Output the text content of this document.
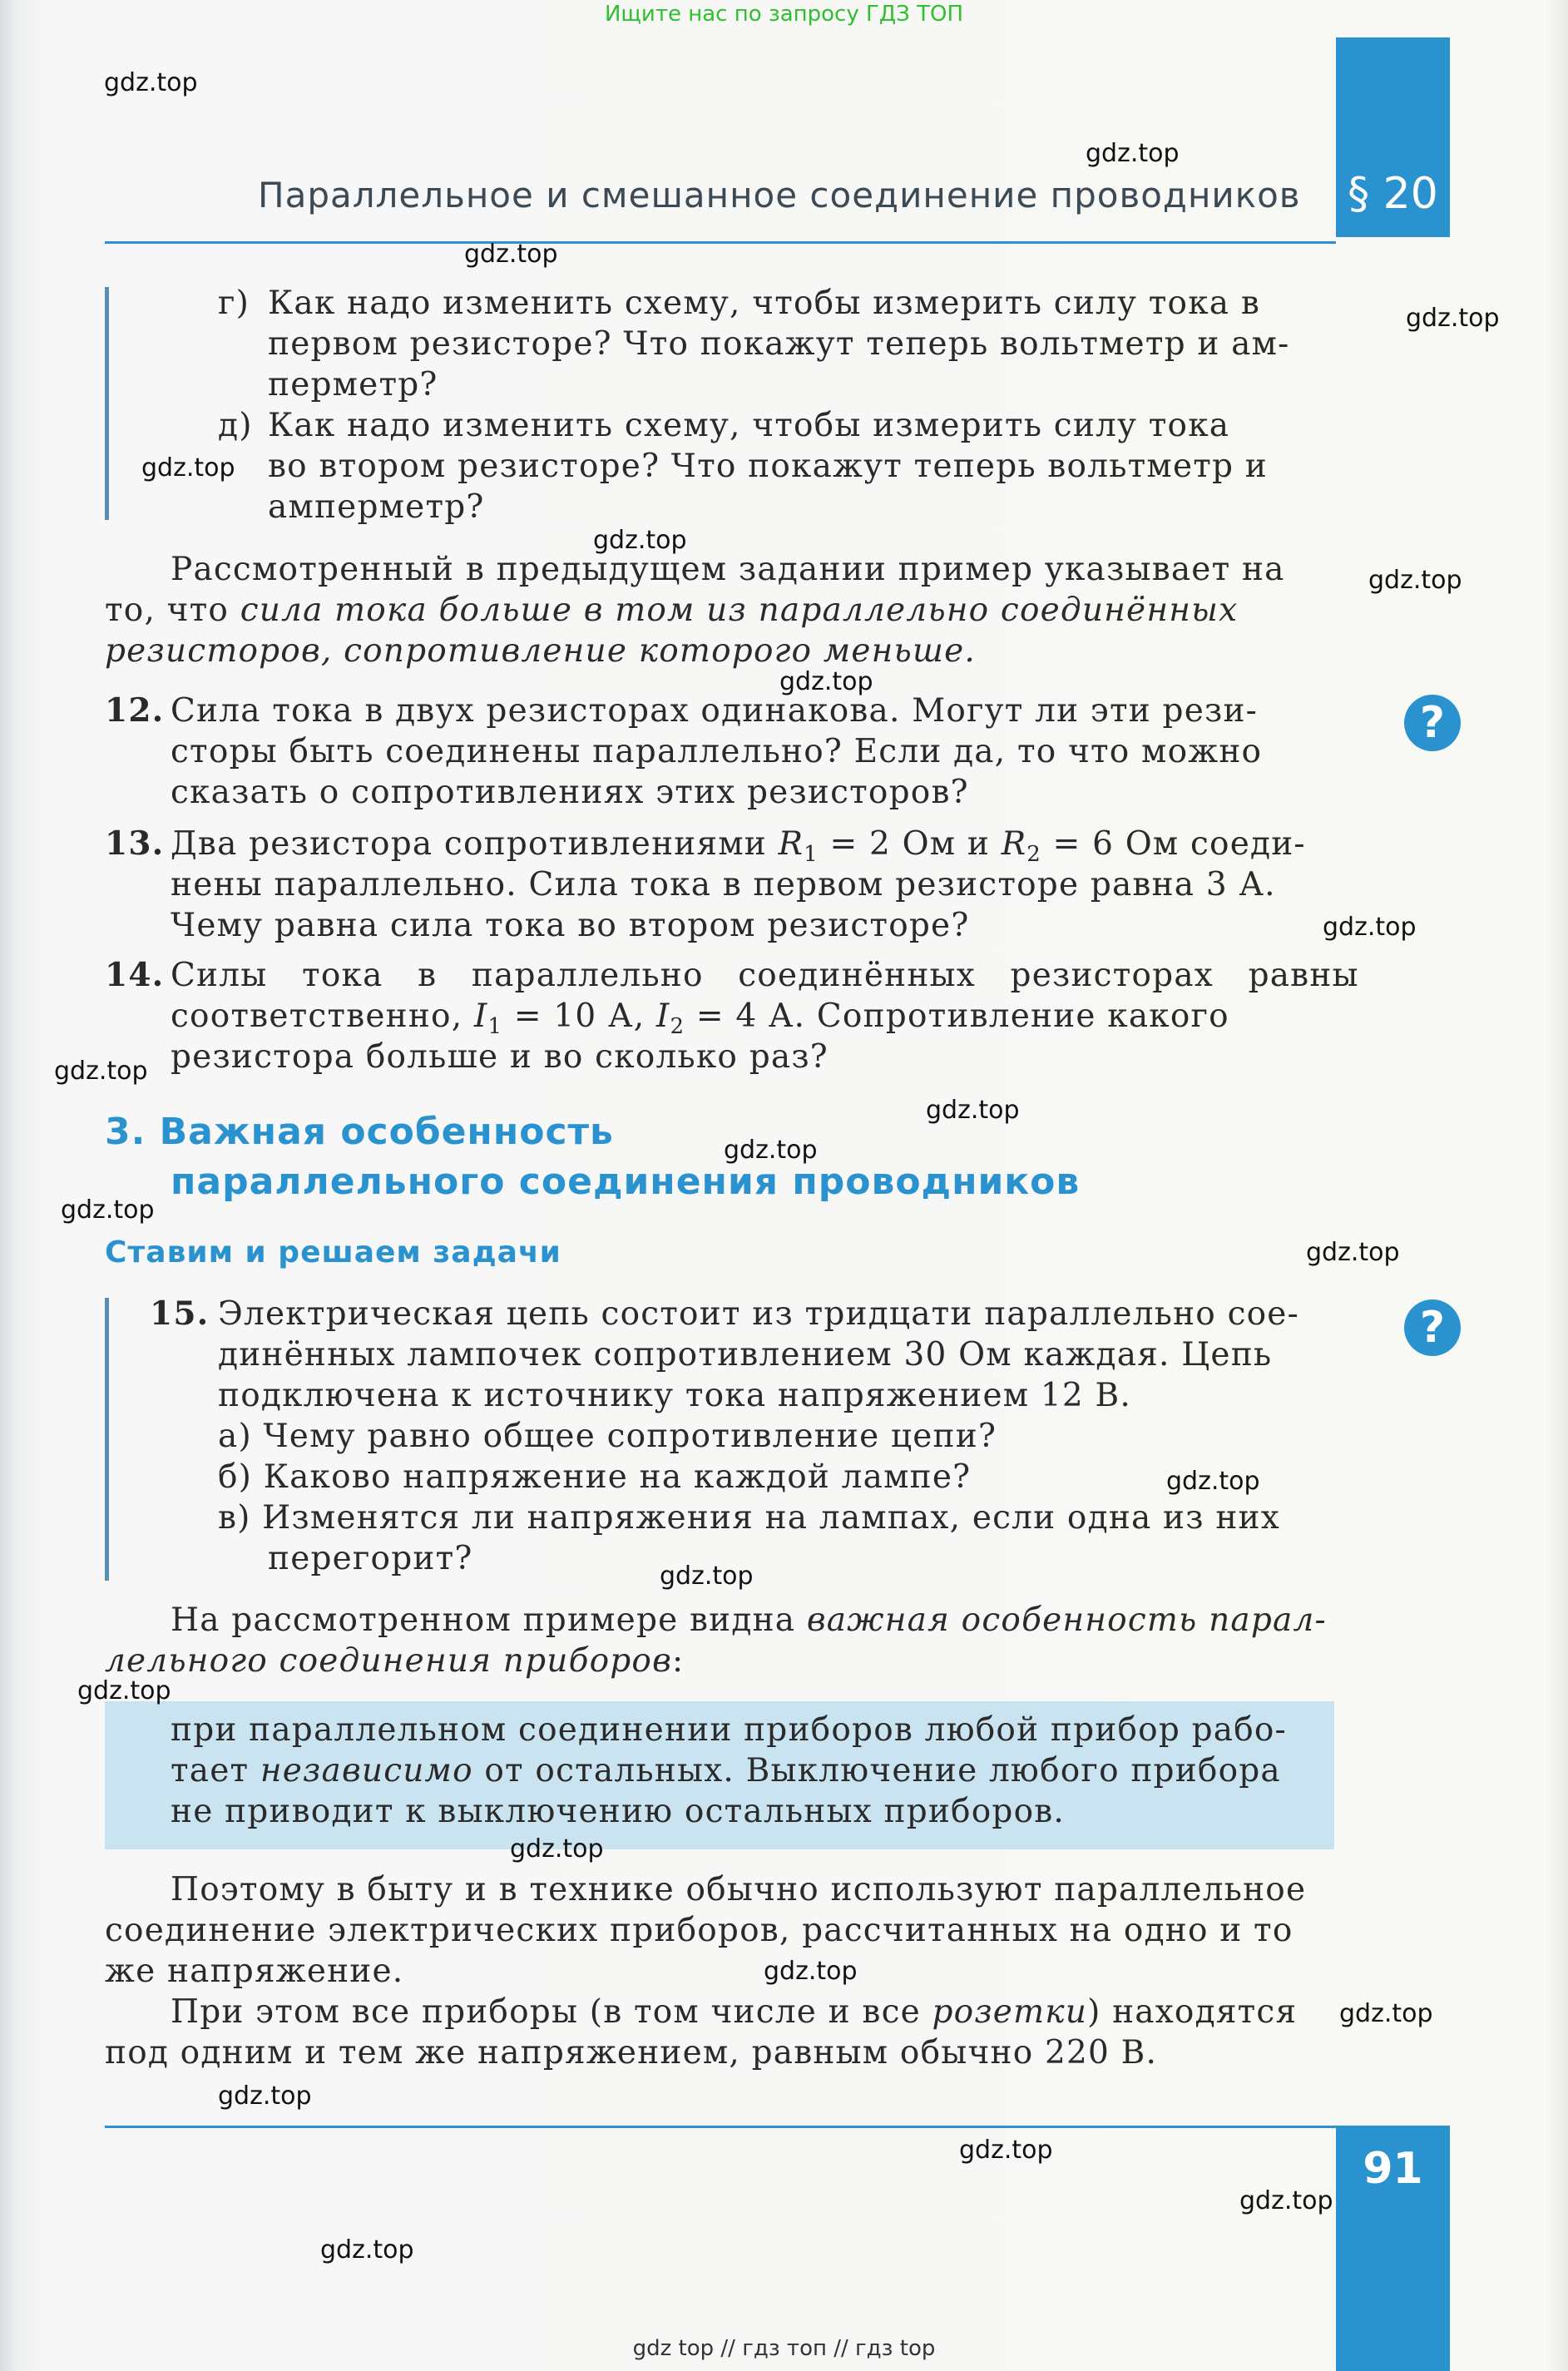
Ищите нас по запросу ГДЗ ТОП
§ 20
Параллельное и смешанное соединение проводников
г) Как надо изменить схему, чтобы измерить силу тока в
первом резисторе? Что покажут теперь вольтметр и ам-
перметр?
д) Как надо изменить схему, чтобы измерить силу тока
во втором резисторе? Что покажут теперь вольтметр и
амперметр?
Рассмотренный в предыдущем задании пример указывает на
то, что сила тока больше в том из параллельно соединённых
резисторов, сопротивление которого меньше.
?
12. Сила тока в двух резисторах одинакова. Могут ли эти рези-
сторы быть соединены параллельно? Если да, то что можно
сказать о сопротивлениях этих резисторов?
13. Два резистора сопротивлениями $R_1 = 2$ Ом и $R_2 = 6$ Ом соеди-
нены параллельно. Сила тока в первом резисторе равна 3 А.
Чему равна сила тока во втором резисторе?
14. Силы тока в параллельно соединённых резисторах равны
соответственно, $I_1 = 10$ А, $I_2 = 4$ А. Сопротивление какого
резистора больше и во сколько раз?
3. Важная особенность
параллельного соединения проводников
Ставим и решаем задачи
?
15. Электрическая цепь состоит из тридцати параллельно сое-
динённых лампочек сопротивлением 30 Ом каждая. Цепь
подключена к источнику тока напряжением 12 В.
а) Чему равно общее сопротивление цепи?
б) Каково напряжение на каждой лампе?
в) Изменятся ли напряжения на лампах, если одна из них
перегорит?
На рассмотренном примере видна важная особенность парал-
лельного соединения приборов:
при параллельном соединении приборов любой прибор рабо-
тает независимо от остальных. Выключение любого прибора
не приводит к выключению остальных приборов.
Поэтому в быту и в технике обычно используют параллельное
соединение электрических приборов, рассчитанных на одно и то
же напряжение.
При этом все приборы (в том числе и все розетки) находятся
под одним и тем же напряжением, равным обычно 220 В.
91
gdz.top
gdz.top
gdz.top
gdz.top
gdz.top
gdz.top
gdz.top
gdz.top
gdz.top
gdz.top
gdz.top
gdz.top
gdz.top
gdz.top
gdz.top
gdz.top
gdz.top
gdz.top
gdz.top
gdz.top
gdz.top
gdz.top
gdz.top
gdz.top
gdz top // гдз топ // гдз top
